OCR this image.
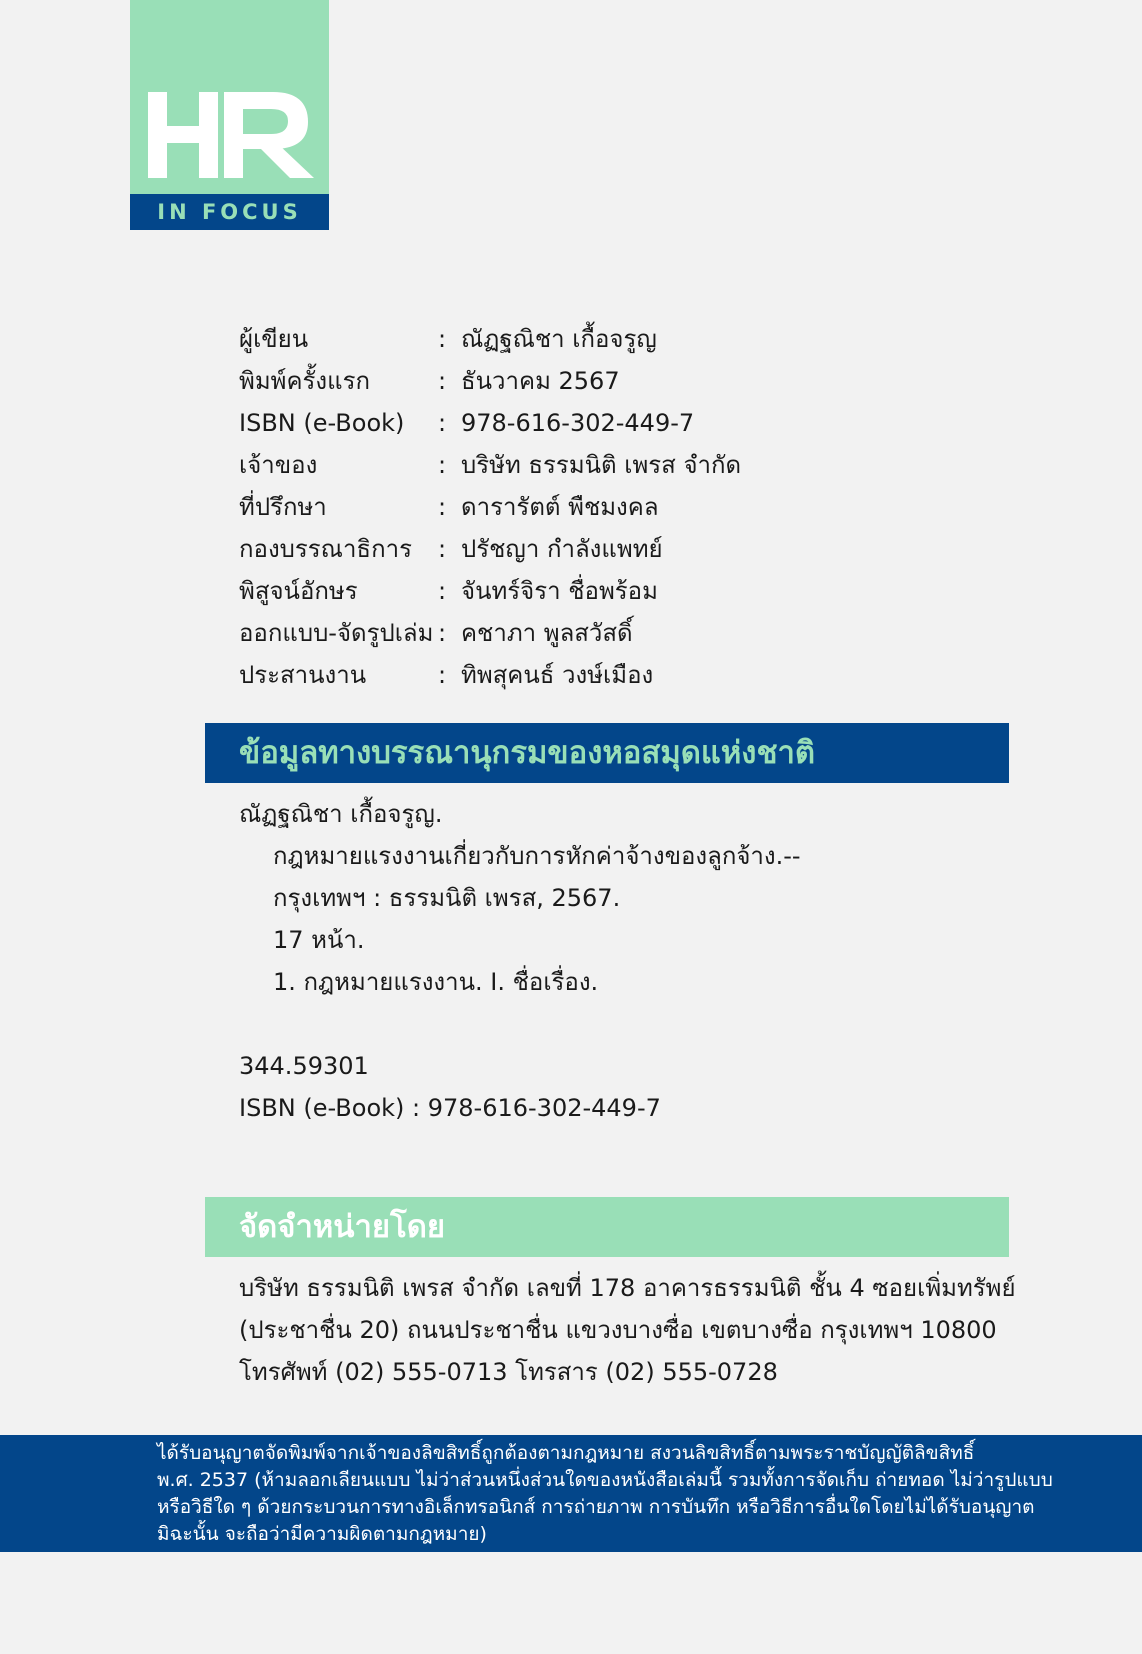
IN FOCUS
ผู้เขียน	: ณัฏฐณิชา เกื้อจรูญ
พิมพ์ครั้งแรก	: ธันวาคม 2567
ISBN (e-Book) : 978-616-302-449-7
เจ้าของ	: บริษัท ธรรมนิติ เพรส จำกัด
ที่ปรึกษา	: ดารารัตต์ พืชมงคล
กองบรรณาธิการ : ปรัชญา กำลังแพทย์
พิสูจน์อักษร	: จันทร์จิรา ชื่อพร้อม
ออกแบบ-จัดรูปเล่ม : คชาภา พูลสวัสดิ์
ประสานงาน	: ทิพสุคนธ์ วงษ์เมือง
ข้อมูลทางบรรณานุกรมของหอสมุดแห่งชาติ
ณัฏฐณิชา เกื้อจรูญ.
กฎหมายแรงงานเกี่ยวกับการหักค่าจ้างของลูกจ้าง.--
กรุงเทพฯ : ธรรมนิติ เพรส, 2567.
17 หน้า.
1. กฎหมายแรงงาน. I. ชื่อเรื่อง.
344.59301
ISBN (e-Book) : 978-616-302-449-7
จัดจำหน่ายโดย
บริษัท ธรรมนิติ เพรส จำกัด เลขที่ 178 อาคารธรรมนิติ ชั้น 4 ซอยเพิ่มทรัพย์
(ประชาชื่น 20) ถนนประชาชื่น แขวงบางซื่อ เขตบางซื่อ กรุงเทพฯ 10800
โทรศัพท์ (02) 555-0713 โทรสาร (02) 555-0728
ได้รับอนุญาตจัดพิมพ์จากเจ้าของลิขสิทธิ์ถูกต้องตามกฎหมาย สงวนลิขสิทธิ์ตามพระราชบัญญัติลิขสิทธิ์
พ.ศ. 2537 (ห้ามลอกเลียนแบบ ไม่ว่าส่วนหนึ่งส่วนใดของหนังสือเล่มนี้ รวมทั้งการจัดเก็บ ถ่ายทอด ไม่ว่ารูปแบบ
หรือวิธีใด ๆ ด้วยกระบวนการทางอิเล็กทรอนิกส์ การถ่ายภาพ การบันทึก หรือวิธีการอื่นใดโดยไม่ได้รับอนุญาต
มิฉะนั้น จะถือว่ามีความผิดตามกฎหมาย)
